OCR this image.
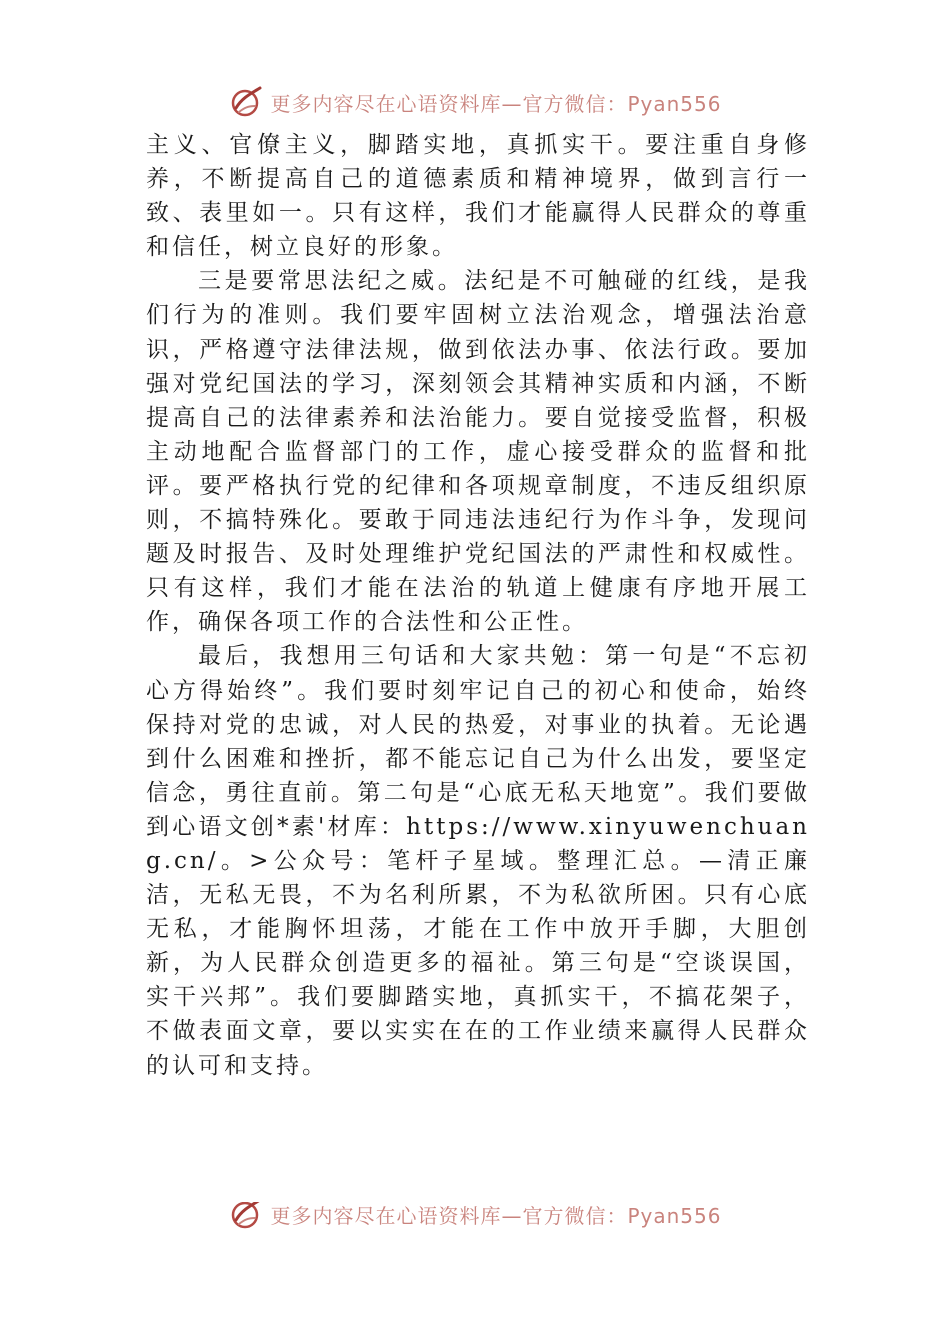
更多内容尽在心语资料库—官方微信：Pyan556

主义、官僚主义，脚踏实地，真抓实干。要注重自身修养，不断提高自己的道德素质和精神境界，做到言行一致、表里如一。只有这样，我们才能赢得人民群众的尊重和信任，树立良好的形象。

三是要常思法纪之威。法纪是不可触碰的红线，是我们行为的准则。我们要牢固树立法治观念，增强法治意识，严格遵守法律法规，做到依法办事、依法行政。要加强对党纪国法的学习，深刻领会其精神实质和内涵，不断提高自己的法律素养和法治能力。要自觉接受监督，积极主动地配合监督部门的工作，虚心接受群众的监督和批评。要严格执行党的纪律和各项规章制度，不违反组织原则，不搞特殊化。要敢于同违法违纪行为作斗争，发现问题及时报告、及时处理维护党纪国法的严肃性和权威性。只有这样，我们才能在法治的轨道上健康有序地开展工作，确保各项工作的合法性和公正性。

最后，我想用三句话和大家共勉：第一句是“不忘初心方得始终”。我们要时刻牢记自己的初心和使命，始终保持对党的忠诚，对人民的热爱，对事业的执着。无论遇到什么困难和挫折，都不能忘记自己为什么出发，要坚定信念，勇往直前。第二句是“心底无私天地宽”。我们要做到心语文创*素'材库：https://www.xinyuwenchuang.cn/。>公众号：笔杆子星域。整理汇总。—清正廉洁，无私无畏，不为名利所累，不为私欲所困。只有心底无私，才能胸怀坦荡，才能在工作中放开手脚，大胆创新，为人民群众创造更多的福祉。第三句是“空谈误国，实干兴邦”。我们要脚踏实地，真抓实干，不搞花架子，不做表面文章，要以实实在在的工作业绩来赢得人民群众的认可和支持。

更多内容尽在心语资料库—官方微信：Pyan556
